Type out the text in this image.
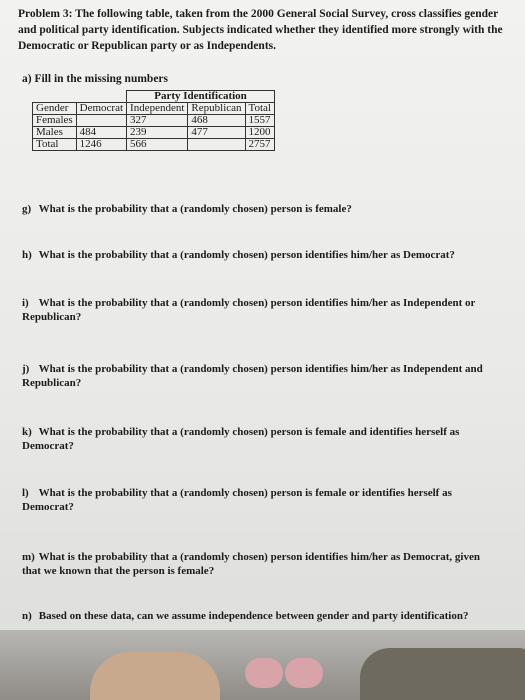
Problem 3: The following table, taken from the 2000 General Social Survey, cross classifies gender and political party identification. Subjects indicated whether they identified more strongly with the Democratic or Republican party or as Independents.
a) Fill in the missing numbers
		Party Identification			
Gender	Democrat	Independent	Republican	Total	
Females		327	468	1557	
Males	484	239	477	1200	
Total	1246	566		2757	
g) What is the probability that a (randomly chosen) person is female?
h) What is the probability that a (randomly chosen) person identifies him/her as Democrat?
i) What is the probability that a (randomly chosen) person identifies him/her as Independent or Republican?
j) What is the probability that a (randomly chosen) person identifies him/her as Independent and Republican?
k) What is the probability that a (randomly chosen) person is female and identifies herself as Democrat?
l) What is the probability that a (randomly chosen) person is female or identifies herself as Democrat?
m) What is the probability that a (randomly chosen) person identifies him/her as Democrat, given that we known that the person is female?
n) Based on these data, can we assume independence between gender and party identification?
